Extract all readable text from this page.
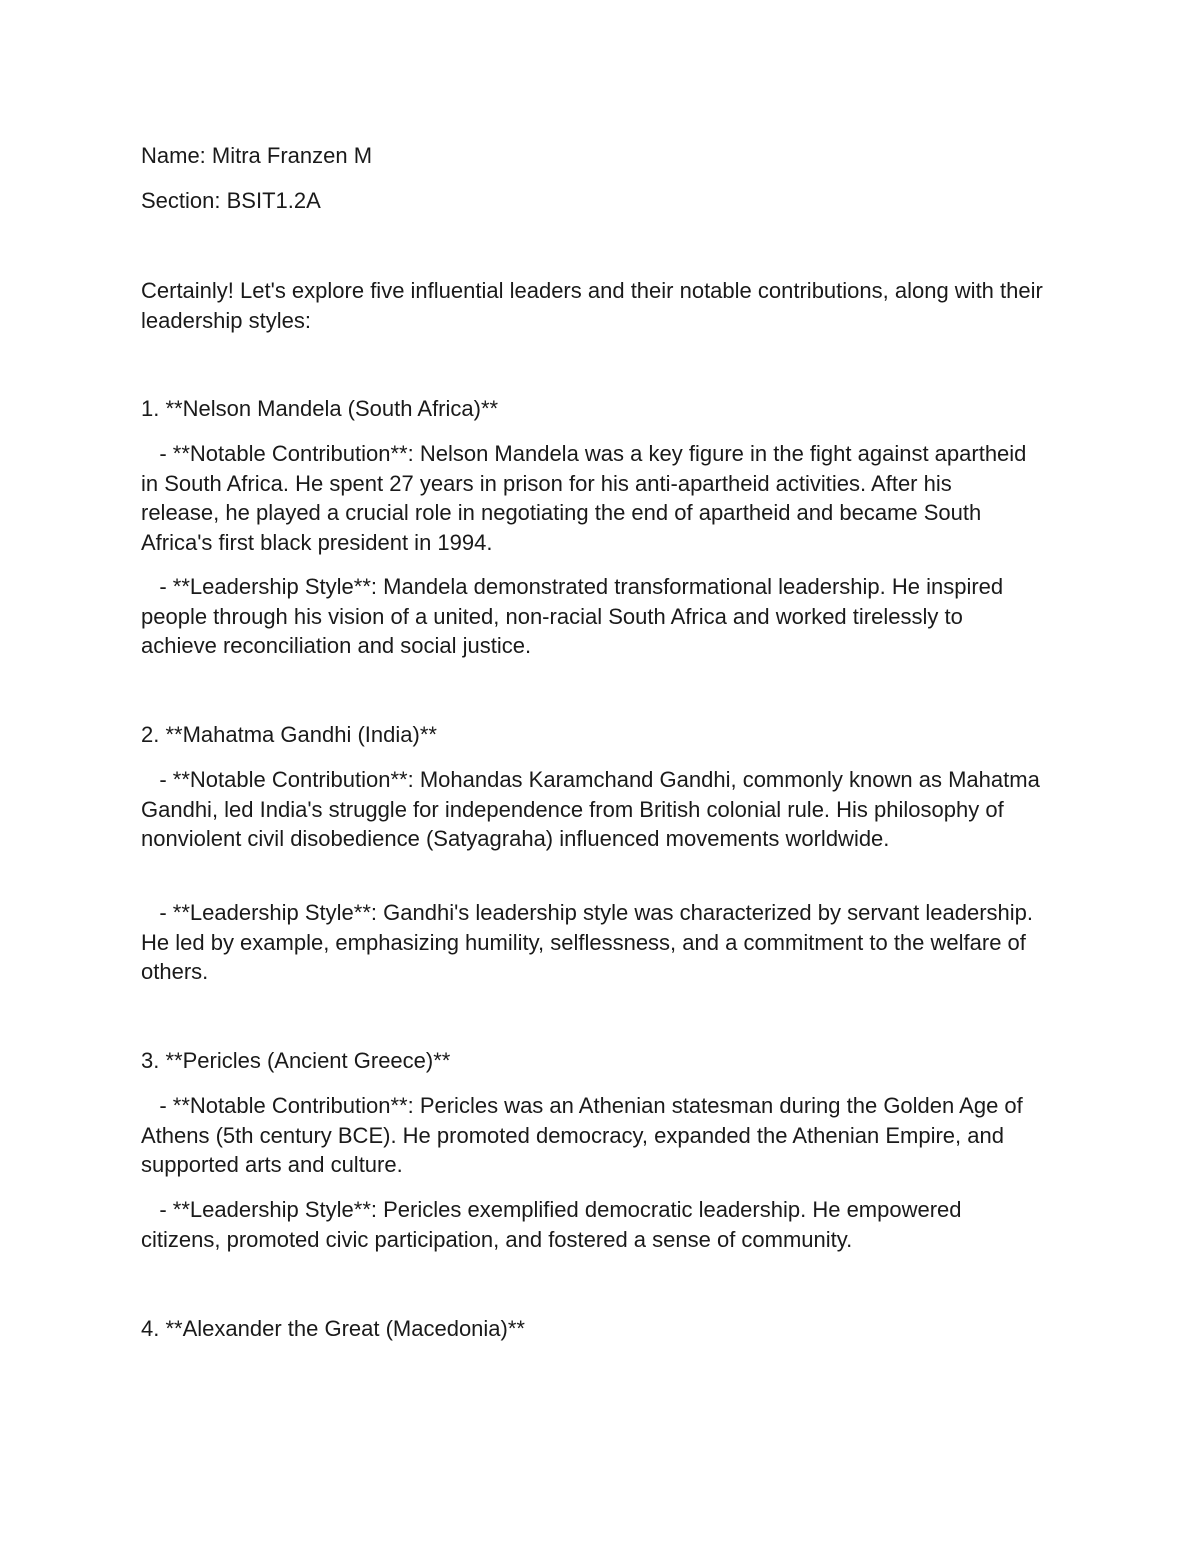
Name: Mitra Franzen M

Section: BSIT1.2A

Certainly! Let's explore five influential leaders and their notable contributions, along with their leadership styles:

1. **Nelson Mandela (South Africa)**

- **Notable Contribution**: Nelson Mandela was a key figure in the fight against apartheid in South Africa. He spent 27 years in prison for his anti-apartheid activities. After his release, he played a crucial role in negotiating the end of apartheid and became South Africa's first black president in 1994.

- **Leadership Style**: Mandela demonstrated transformational leadership. He inspired people through his vision of a united, non-racial South Africa and worked tirelessly to achieve reconciliation and social justice.

2. **Mahatma Gandhi (India)**

- **Notable Contribution**: Mohandas Karamchand Gandhi, commonly known as Mahatma Gandhi, led India's struggle for independence from British colonial rule. His philosophy of nonviolent civil disobedience (Satyagraha) influenced movements worldwide.

- **Leadership Style**: Gandhi's leadership style was characterized by servant leadership. He led by example, emphasizing humility, selflessness, and a commitment to the welfare of others.

3. **Pericles (Ancient Greece)**

- **Notable Contribution**: Pericles was an Athenian statesman during the Golden Age of Athens (5th century BCE). He promoted democracy, expanded the Athenian Empire, and supported arts and culture.

- **Leadership Style**: Pericles exemplified democratic leadership. He empowered citizens, promoted civic participation, and fostered a sense of community.

4. **Alexander the Great (Macedonia)**
